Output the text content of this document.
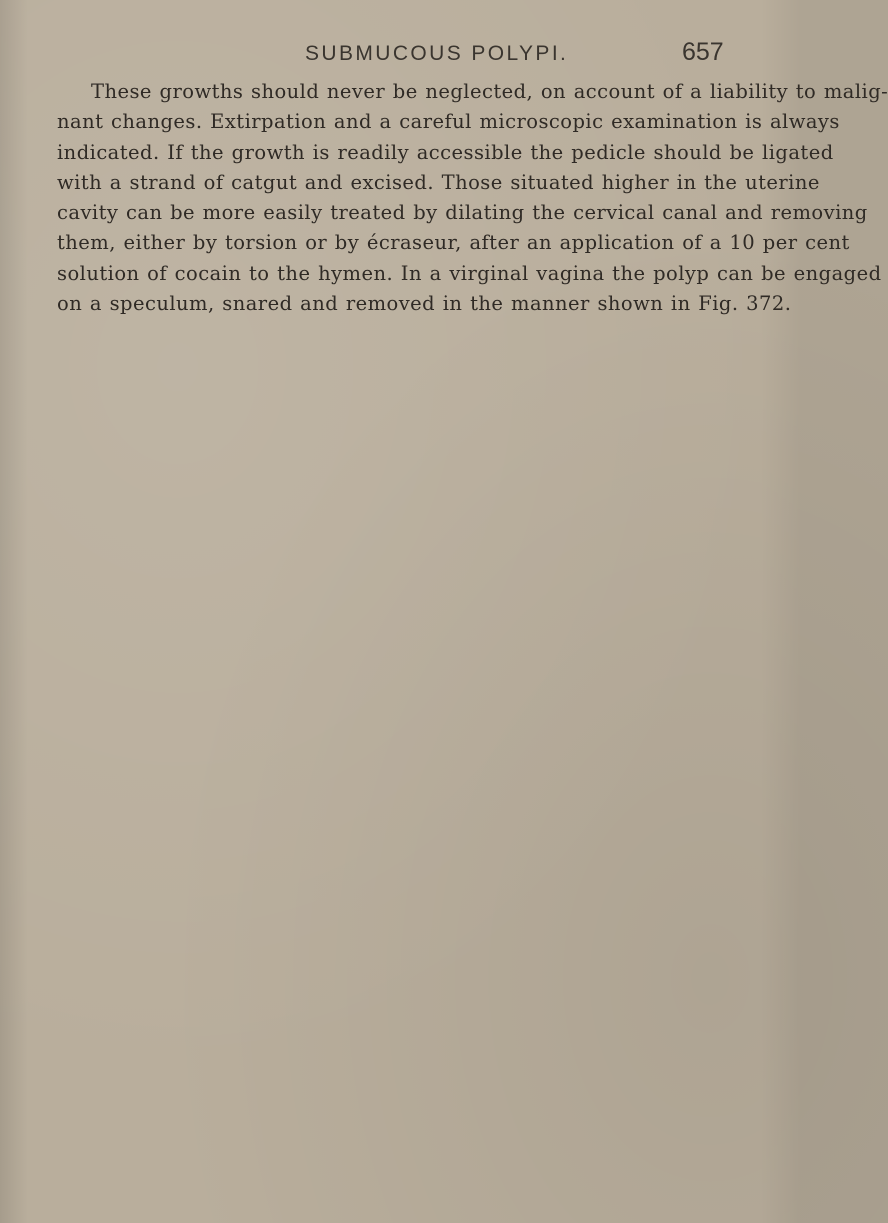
SUBMUCOUS POLYPI.	657
These growths should never be neglected, on account of a liability to malig-
nant changes. Extirpation and a careful microscopic examination is always
indicated. If the growth is readily accessible the pedicle should be ligated
with a strand of catgut and excised. Those situated higher in the uterine
cavity can be more easily treated by dilating the cervical canal and removing
them, either by torsion or by écraseur, after an application of a 10 per cent
solution of cocain to the hymen. In a virginal vagina the polyp can be engaged
on a speculum, snared and removed in the manner shown in Fig. 372.
